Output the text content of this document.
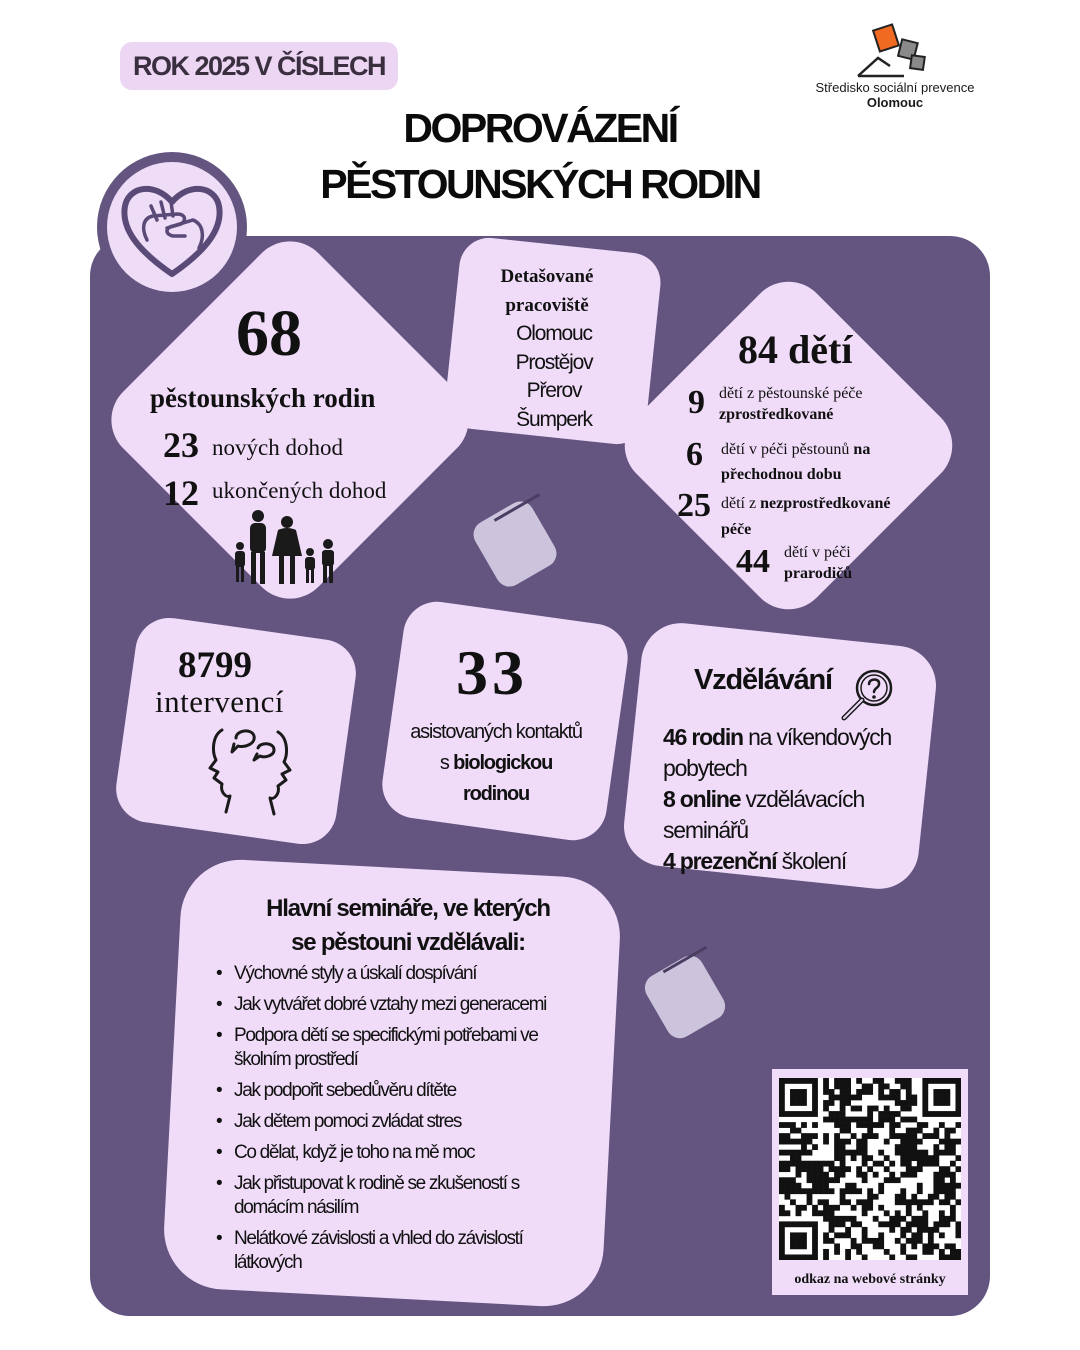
ROK 2025 V ČÍSLECH
Středisko sociální prevence
Olomouc
DOPROVÁZENÍ
PĚSTOUNSKÝCH RODIN
68
pěstounských rodin
23 nových dohod
12 ukončených dohod
Detašované
pracoviště
Olomouc
Prostějov
Přerov
Šumperk
84 dětí
9 dětí z pěstounské péče
zprostředkované
6 dětí v péči pěstounů na
přechodnou dobu
25 dětí z nezprostředkované
péče
44 dětí v péči
prarodičů
8799
intervencí	33
asistovaných kontaktů
s biologickou
rodinou
Vzdělávání
46 rodin na víkendových pobytech
8 online vzdělávacích seminářů
4 prezenční školení
Hlavní semináře, ve kterých
se pěstouni vzdělávali:
• Výchovné styly a úskalí dospívání
• Jak vytvářet dobré vztahy mezi generacemi
• Podpora dětí se specifickými potřebami ve školním prostředí
• Jak podpořit sebedůvěru dítěte
• Jak dětem pomoci zvládat stres
• Co dělat, když je toho na mě moc
• Jak přistupovat k rodině se zkušeností s domácím násilím
• Nelátkové závislosti a vhled do závislostí látkových
odkaz na webové stránky
